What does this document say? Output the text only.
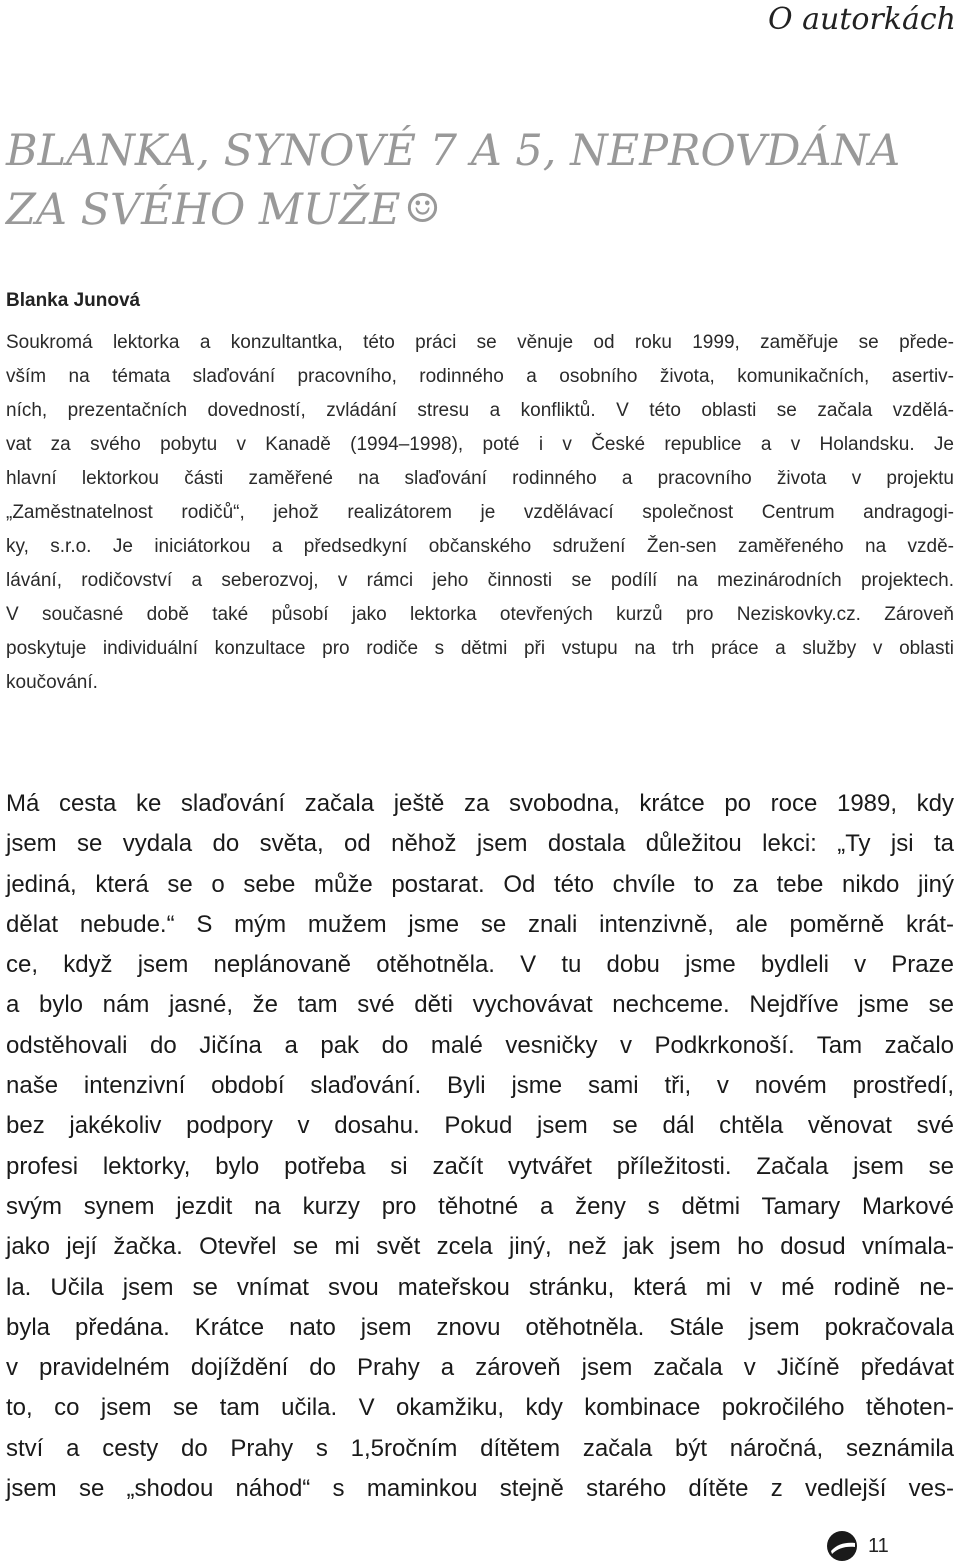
O autorkách

BLANKA, SYNOVÉ 7 A 5, NEPROVDÁNA
ZA SVÉHO MUŽE ☺

Blanka Junová

Soukromá lektorka a konzultantka, této práci se věnuje od roku 1999, zaměřuje se přede-
vším na témata slaďování pracovního, rodinného a osobního života, komunikačních, asertiv-
ních, prezentačních dovedností, zvládání stresu a konfliktů. V této oblasti se začala vzdělá-
vat za svého pobytu v Kanadě (1994–1998), poté i v České republice a v Holandsku. Je
hlavní lektorkou části zaměřené na slaďování rodinného a pracovního života v projektu
„Zaměstnatelnost rodičů“, jehož realizátorem je vzdělávací společnost Centrum andragogi-
ky, s.r.o. Je iniciátorkou a předsedkyní občanského sdružení Žen-sen zaměřeného na vzdě-
lávání, rodičovství a seberozvoj, v rámci jeho činnosti se podílí na mezinárodních projektech.
V současné době také působí jako lektorka otevřených kurzů pro Neziskovky.cz. Zároveň
poskytuje individuální konzultace pro rodiče s dětmi při vstupu na trh práce a služby v oblasti
koučování.
Má cesta ke slaďování začala ještě za svobodna, krátce po roce 1989, kdy
jsem se vydala do světa, od něhož jsem dostala důležitou lekci: „Ty jsi ta
jediná, která se o sebe může postarat. Od této chvíle to za tebe nikdo jiný
dělat nebude.“ S mým mužem jsme se znali intenzivně, ale poměrně krát-
ce, když jsem neplánovaně otěhotněla. V tu dobu jsme bydleli v Praze
a bylo nám jasné, že tam své děti vychovávat nechceme. Nejdříve jsme se
odstěhovali do Jičína a pak do malé vesničky v Podkrkonoší. Tam začalo
naše intenzivní období slaďování. Byli jsme sami tři, v novém prostředí,
bez jakékoliv podpory v dosahu. Pokud jsem se dál chtěla věnovat své
profesi lektorky, bylo potřeba si začít vytvářet příležitosti. Začala jsem se
svým synem jezdit na kurzy pro těhotné a ženy s dětmi Tamary Markové
jako její žačka. Otevřel se mi svět zcela jiný, než jak jsem ho dosud vnímala-
la. Učila jsem se vnímat svou mateřskou stránku, která mi v mé rodině ne-
byla předána. Krátce nato jsem znovu otěhotněla. Stále jsem pokračovala
v pravidelném dojíždění do Prahy a zároveň jsem začala v Jičíně předávat
to, co jsem se tam učila. V okamžiku, kdy kombinace pokročilého těhoten-
ství a cesty do Prahy s 1,5ročním dítětem začala být náročná, seznámila
jsem se „shodou náhod“ s maminkou stejně starého dítěte z vedlejší ves-
11
